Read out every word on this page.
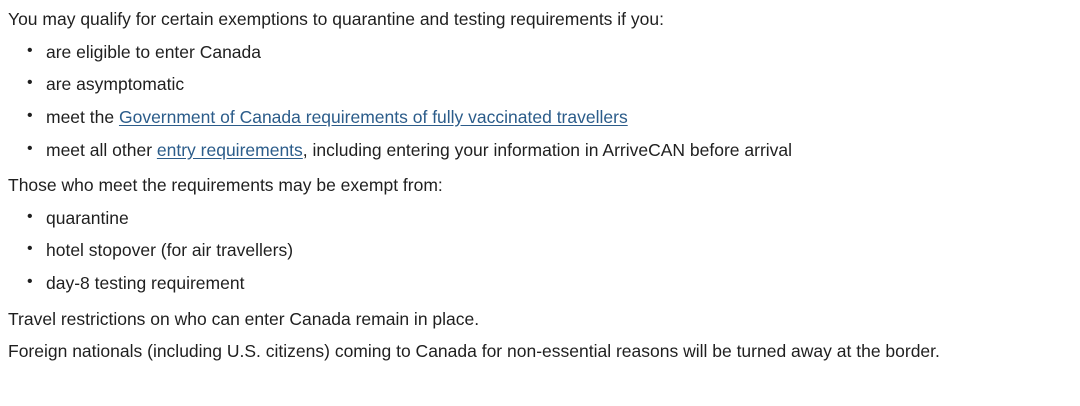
You may qualify for certain exemptions to quarantine and testing requirements if you:

• are eligible to enter Canada
• are asymptomatic
• meet the Government of Canada requirements of fully vaccinated travellers
• meet all other entry requirements, including entering your information in ArriveCAN before arrival

Those who meet the requirements may be exempt from:

• quarantine
• hotel stopover (for air travellers)
• day-8 testing requirement

Travel restrictions on who can enter Canada remain in place.

Foreign nationals (including U.S. citizens) coming to Canada for non-essential reasons will be turned away at the border.
